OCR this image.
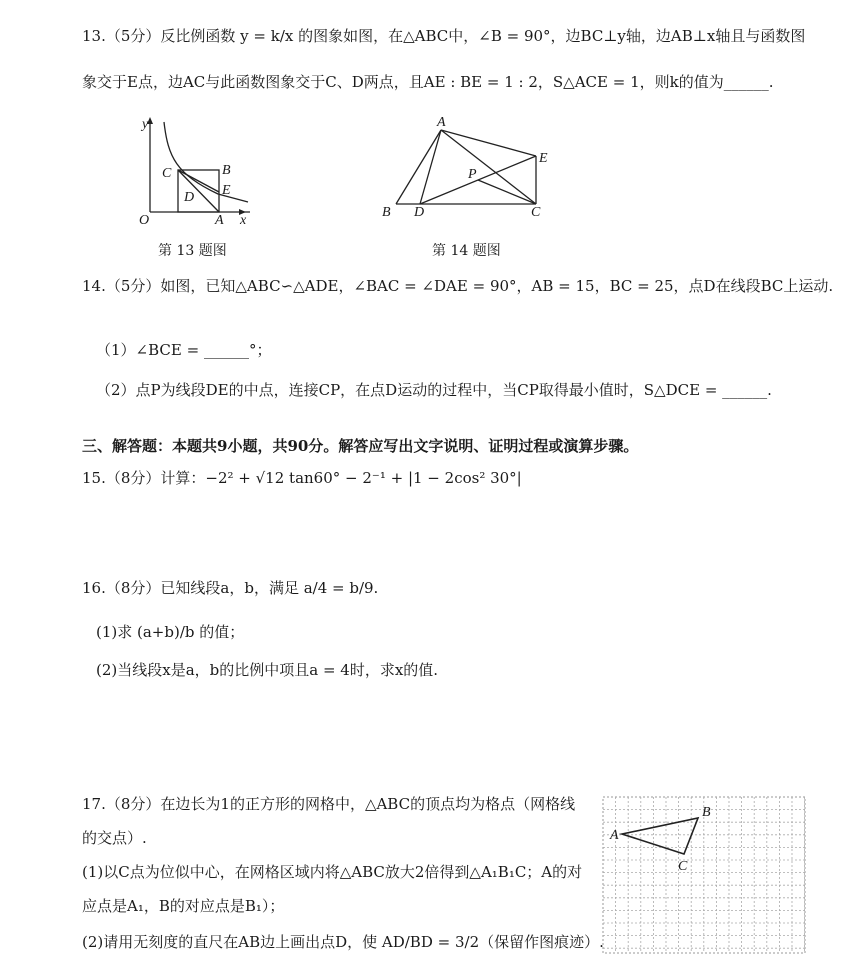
13.（5分）反比例函数 y = k/x 的图象如图，在△ABC中，∠B = 90°，边BC⊥y轴，边AB⊥x轴且与函数图
象交于E点，边AC与此函数图象交于C、D两点，且AE : BE = 1 : 2，S△ACE = 1，则k的值为______.
y
x
O	A
B
C
D E
第 13 题图
A
B	C
D
E
P
第 14 题图
14.（5分）如图，已知△ABC∽△ADE，∠BAC = ∠DAE = 90°，AB = 15，BC = 25，点D在线段BC上运动.
（1）∠BCE = ______°；
（2）点P为线段DE的中点，连接CP，在点D运动的过程中，当CP取得最小值时，S△DCE = ______.
三、解答题：本题共9小题，共90分。解答应写出文字说明、证明过程或演算步骤。
15.（8分）计算：−2² + √12 tan60° − 2⁻¹ + |1 − 2cos² 30°|
16.（8分）已知线段a，b，满足 a/4 = b/9.
(1)求 (a+b)/b 的值；
(2)当线段x是a，b的比例中项且a = 4时，求x的值.
17.（8分）在边长为1的正方形的网格中，△ABC的顶点均为格点（网格线
的交点）.
(1)以C点为位似中心，在网格区域内将△ABC放大2倍得到△A₁B₁C；A的对
应点是A₁，B的对应点是B₁）；
(2)请用无刻度的直尺在AB边上画出点D，使 AD/BD = 3/2（保留作图痕迹）.
A
B
C
